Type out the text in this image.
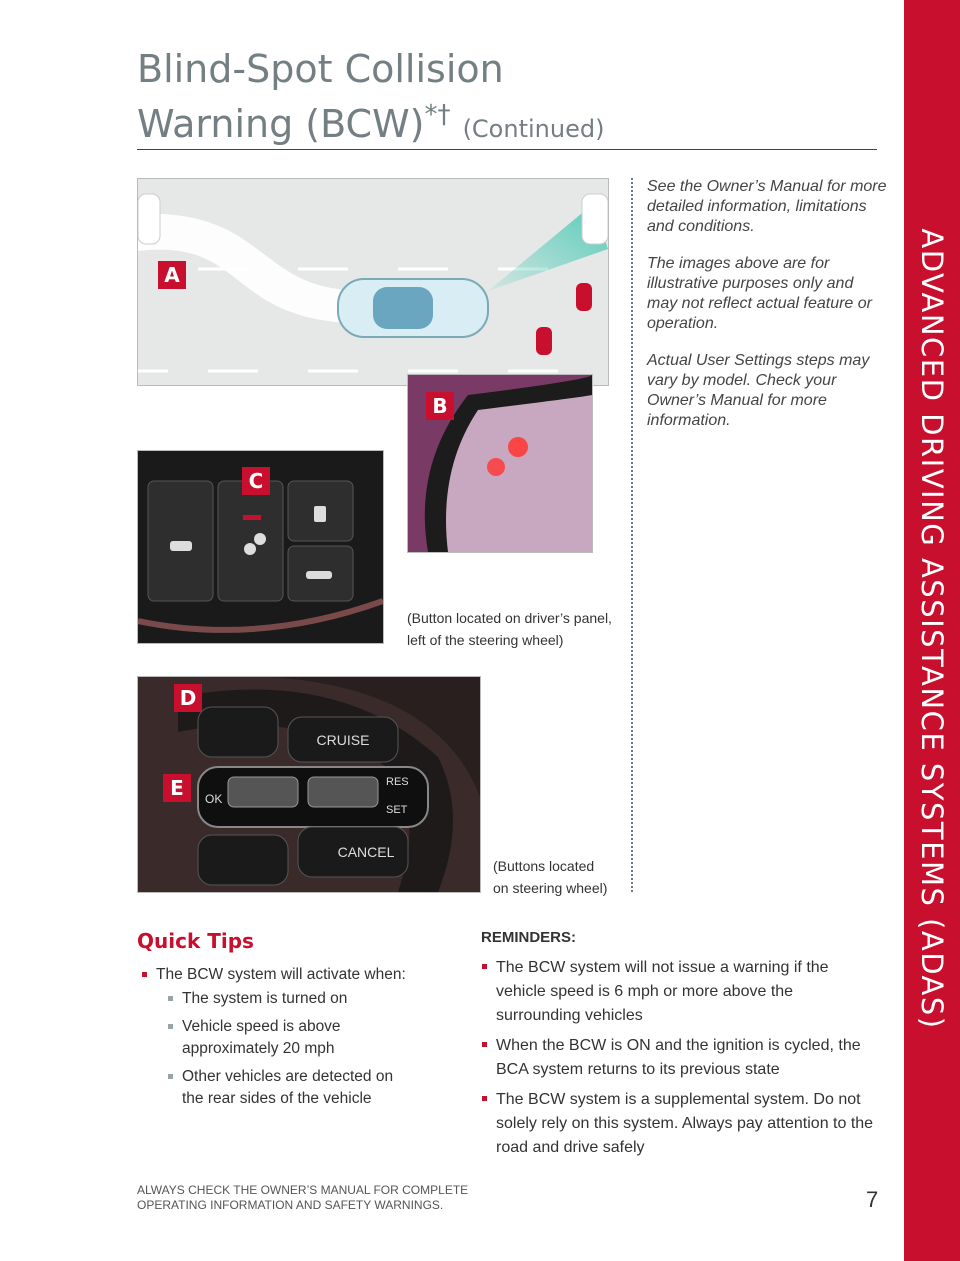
ADVANCED DRIVING ASSISTANCE SYSTEMS (ADAS)
Blind-Spot Collision
Warning (BCW)*† (Continued)
A
B
C
(Button located on driver’s panel,
left of the steering wheel)
CRUISE
CANCEL
OK
RES
SET
D
E
(Buttons located
on steering wheel)
See the Owner’s Manual for more detailed information, limitations and conditions.
The images above are for illustrative purposes only and may not reflect actual feature or operation.
Actual User Settings steps may vary by model. Check your Owner’s Manual for more information.
Quick Tips
The BCW system will activate when:
The system is turned on
Vehicle speed is above approximately 20 mph
Other vehicles are detected on the rear sides of the vehicle
REMINDERS:
The BCW system will not issue a warning if the vehicle speed is 6 mph or more above the surrounding vehicles
When the BCW is ON and the ignition is cycled, the BCA system returns to its previous state
The BCW system is a supplemental system. Do not solely rely on this system. Always pay attention to the road and drive safely
ALWAYS CHECK THE OWNER’S MANUAL FOR COMPLETE OPERATING INFORMATION AND SAFETY WARNINGS.	7
